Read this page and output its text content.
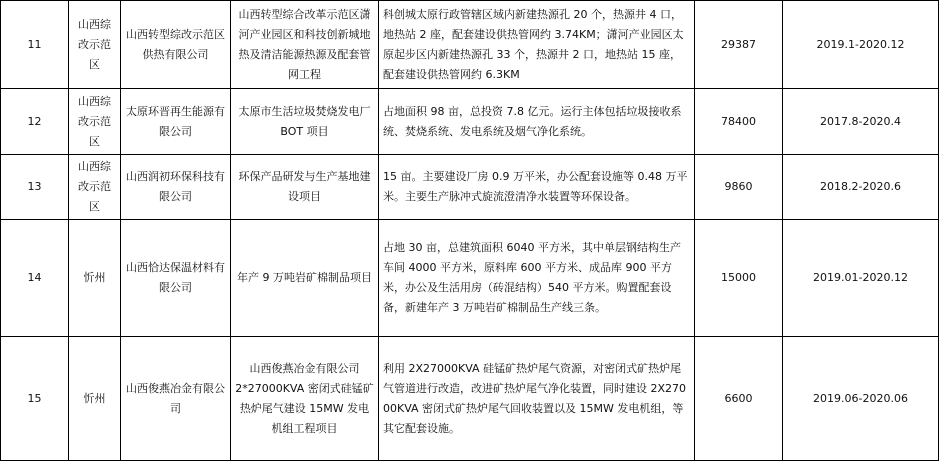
11	山西综改示范区	山西转型综改示范区供热有限公司	山西转型综合改革示范区潇河产业园区和科技创新城地热及清洁能源热源及配套管网工程	科创城太原行政管辖区域内新建热源孔 20 个，热源井 4 口，地热站 2 座，配套建设供热管网约 3.74KM；潇河产业园区太原起步区内新建热源孔 33 个，热源井 2 口，地热站 15 座，配套建设供热管网约 6.3KM	29387	2019.1-2020.12
12	山西综改示范区	太原环晋再生能源有限公司	太原市生活垃圾焚烧发电厂 BOT 项目	占地面积 98 亩，总投资 7.8 亿元。运行主体包括垃圾接收系统、焚烧系统、发电系统及烟气净化系统。	78400	2017.8-2020.4
13	山西综改示范区	山西润初环保科技有限公司	环保产品研发与生产基地建设项目	15 亩。主要建设厂房 0.9 万平米，办公配套设施等 0.48 万平米。主要生产脉冲式旋流澄清净水装置等环保设备。	9860	2018.2-2020.6
14	忻州	山西恰达保温材料有限公司	年产 9 万吨岩矿棉制品项目	占地 30 亩，总建筑面积 6040 平方米，其中单层钢结构生产车间 4000 平方米，原料库 600 平方米、成品库 900 平方米，办公及生活用房（砖混结构）540 平方米。购置配套设备，新建年产 3 万吨岩矿棉制品生产线三条。	15000	2019.01-2020.12
15	忻州	山西俊燕冶金有限公司	山西俊燕冶金有限公司 2*27000KVA 密闭式硅锰矿热炉尾气建设 15MW 发电机组工程项目	利用 2X27000KVA 硅锰矿热炉尾气资源，对密闭式矿热炉尾气管道进行改造，改进矿热炉尾气净化装置，同时建设 2X27000KVA 密闭式矿热炉尾气回收装置以及 15MW 发电机组，等其它配套设施。	6600	2019.06-2020.06
